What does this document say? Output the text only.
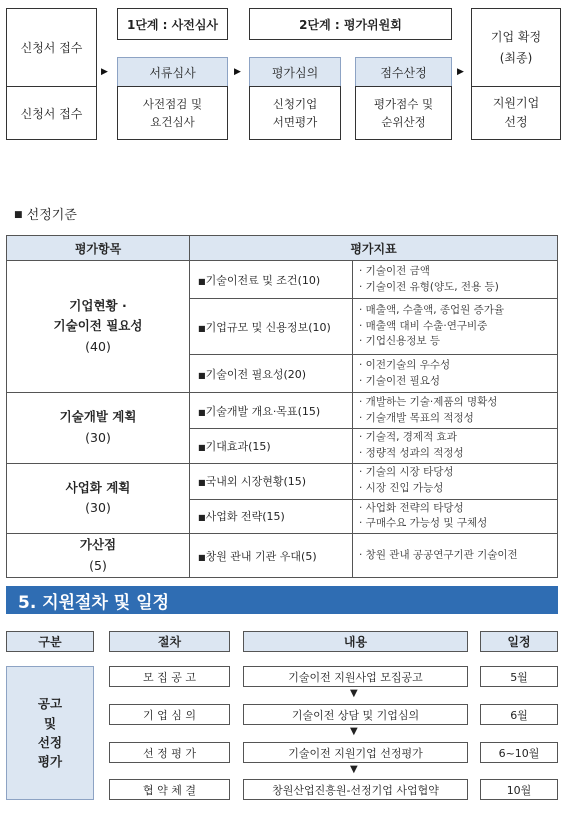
신청서 접수
신청서 접수
▶
1단계 : 사전심사	2단계 : 평가위원회
서류심사
사전점검 및
요건심사
▶	평가심의
신청기업
서면평가
점수산정
평가점수 및
순위산정
▶
기업 확정
(최종)
지원기업
선정
■ 선정기준
평가항목	평가지표	
기업현황 ·
기술이전 필요성
(40)	■기술이전료 및 조건(10)	· 기술이전 금액
· 기술이전 유형(양도, 전용 등)
	■기업규모 및 신용정보(10)	· 매출액, 수출액, 종업원 증가율
· 매출액 대비 수출·연구비중
· 기업신용정보 등
	■기술이전 필요성(20)	· 이전기술의 우수성
· 기술이전 필요성
기술개발 계획
(30)	■기술개발 개요·목표(15)	· 개발하는 기술·제품의 명확성
· 기술개발 목표의 적정성
	■기대효과(15)	· 기술적, 경제적 효과
· 정량적 성과의 적정성
사업화 계획
(30)	■국내외 시장현황(15)	· 기술의 시장 타당성
· 시장 진입 가능성
	■사업화 전략(15)	· 사업화 전략의 타당성
· 구매수요 가능성 및 구체성
가산점
(5)	■창원 관내 기관 우대(5)	· 창원 관내 공공연구기관 기술이전
5. 지원절차 및 일정
구분	절차	내용	일정
공고
및
선정
평가
모 집 공 고	기술이전 지원사업 모집공고	5월
▼
기 업 심 의	기술이전 상담 및 기업심의	6월
▼
선 정 평 가	기술이전 지원기업 선정평가	6~10월
▼
협 약 체 결	창원산업진흥원-선정기업 사업협약	10월
